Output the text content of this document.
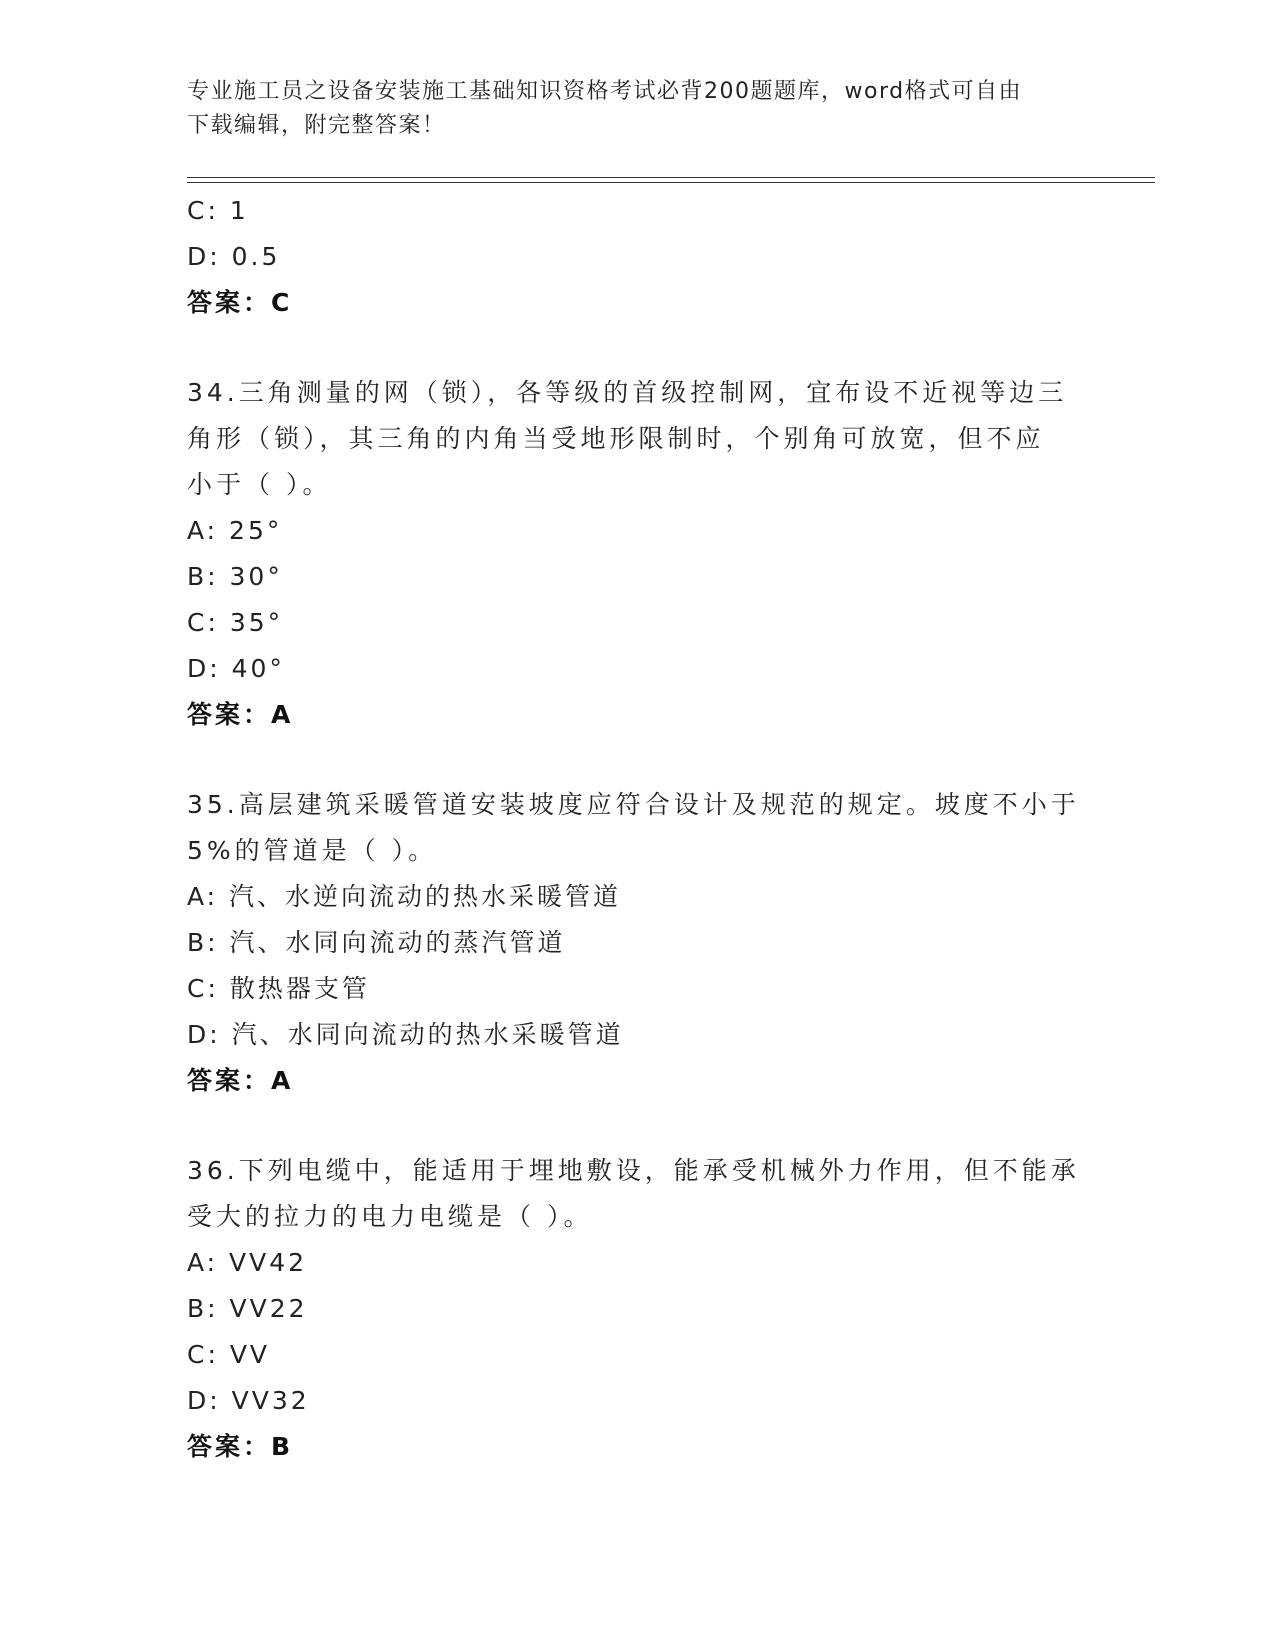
专业施工员之设备安装施工基础知识资格考试必背200题题库，word格式可自由
下载编辑，附完整答案！
C: 1
D: 0.5
答案：C
34.三角测量的网（锁），各等级的首级控制网，宜布设不近视等边三
角形（锁），其三角的内角当受地形限制时，个别角可放宽，但不应
小于（ ）。
A: 25°
B: 30°
C: 35°
D: 40°
答案：A
35.高层建筑采暖管道安装坡度应符合设计及规范的规定。坡度不小于
5%的管道是（ ）。
A: 汽、水逆向流动的热水采暖管道
B: 汽、水同向流动的蒸汽管道
C: 散热器支管
D: 汽、水同向流动的热水采暖管道
答案：A
36.下列电缆中，能适用于埋地敷设，能承受机械外力作用，但不能承
受大的拉力的电力电缆是（ ）。
A: VV42
B: VV22
C: VV
D: VV32
答案：B
